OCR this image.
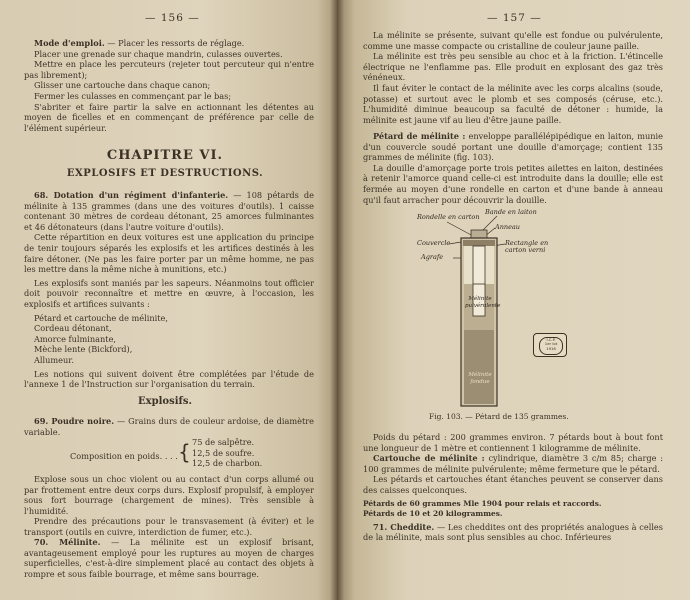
— 156 —

Mode d'emploi. — Placer les ressorts de réglage.

Placer une grenade sur chaque mandrin, culasses ouvertes.

Mettre en place les percuteurs (rejeter tout percuteur qui n'entre pas librement);

Glisser une cartouche dans chaque canon;

Fermer les culasses en commençant par le bas;

S'abriter et faire partir la salve en actionnant les détentes au moyen de ficelles et en commençant de préférence par celle de l'élément supérieur.

CHAPITRE VI.
EXPLOSIFS ET DESTRUCTIONS.

68. Dotation d'un régiment d'infanterie. — 108 pétards de mélinite à 135 grammes (dans une des voitures d'outils). 1 caisse contenant 30 mètres de cordeau détonant, 25 amorces fulminantes et 46 détonateurs (dans l'autre voiture d'outils).

Cette répartition en deux voitures est une application du principe de tenir toujours séparés les explosifs et les artifices destinés à les faire détoner. (Ne pas les faire porter par un même homme, ne pas les mettre dans la même niche à munitions, etc.)

Les explosifs sont maniés par les sapeurs. Néanmoins tout officier doit pouvoir reconnaître et mettre en œuvre, à l'occasion, les explosifs et artifices suivants :

Pétard et cartouche de mélinite,

Cordeau détonant,

Amorce fulminante,

Mèche lente (Bickford),

Allumeur.

Les notions qui suivent doivent être complétées par l'étude de l'annexe 1 de l'Instruction sur l'organisation du terrain.

Explosifs.

69. Poudre noire. — Grains durs de couleur ardoise, de diamètre variable.

Composition en poids. . . . { 75 de salpêtre.
12,5 de soufre.
12,5 de charbon.

Explose sous un choc violent ou au contact d'un corps allumé ou par frottement entre deux corps durs. Explosif propulsif, à employer sous fort bourrage (chargement de mines). Très sensible à l'humidité.

Prendre des précautions pour le transvasement (à éviter) et le transport (outils en cuivre, interdiction de fumer, etc.).

70. Mélinite. — La mélinite est un explosif brisant, avantageusement employé pour les ruptures au moyen de charges superficielles, c'est-à-dire simplement placé au contact des objets à rompre et sous faible bourrage, et même sans bourrage.

— 157 —

La mélinite se présente, suivant qu'elle est fondue ou pulvérulente, comme une masse compacte ou cristalline de couleur jaune paille.

La mélinite est très peu sensible au choc et à la friction. L'étincelle électrique ne l'enflamme pas. Elle produit en explosant des gaz très vénéneux.

Il faut éviter le contact de la mélinite avec les corps alcalins (soude, potasse) et surtout avec le plomb et ses composés (céruse, etc.). L'humidité diminue beaucoup sa faculté de détoner : humide, la mélinite est jaune vif au lieu d'être jaune paille.

Pétard de mélinite : enveloppe parallélépipédique en laiton, munie d'un couvercle soudé portant une douille d'amorçage; contient 135 grammes de mélinite (fig. 103).

La douille d'amorçage porte trois petites ailettes en laiton, destinées à retenir l'amorce quand celle-ci est introduite dans la douille; elle est fermée au moyen d'une rondelle en carton et d'une bande à anneau qu'il faut arracher pour découvrir la douille.

Rondelle en carton
Bande en laiton
Anneau
Couvercle	Rectangle en carton verni
Agrafe
Mélinite pulvérulente
Mélinite fondue
I.C.P.
1er lot
1916
Fig. 103. — Pétard de 135 grammes.

Poids du pétard : 200 grammes environ. 7 pétards bout à bout font une longueur de 1 mètre et contiennent 1 kilogramme de mélinite.

Cartouche de mélinite : cylindrique, diamètre 3 c/m 85; charge : 100 grammes de mélinite pulvérulente; même fermeture que le pétard.

Les pétards et cartouches étant étanches peuvent se conserver dans des caisses quelconques.

Pétards de 60 grammes Mle 1904 pour relais et raccords.

Pétards de 10 et 20 kilogrammes.

71. Cheddite. — Les cheddites ont des propriétés analogues à celles de la mélinite, mais sont plus sensibles au choc. Inférieures
